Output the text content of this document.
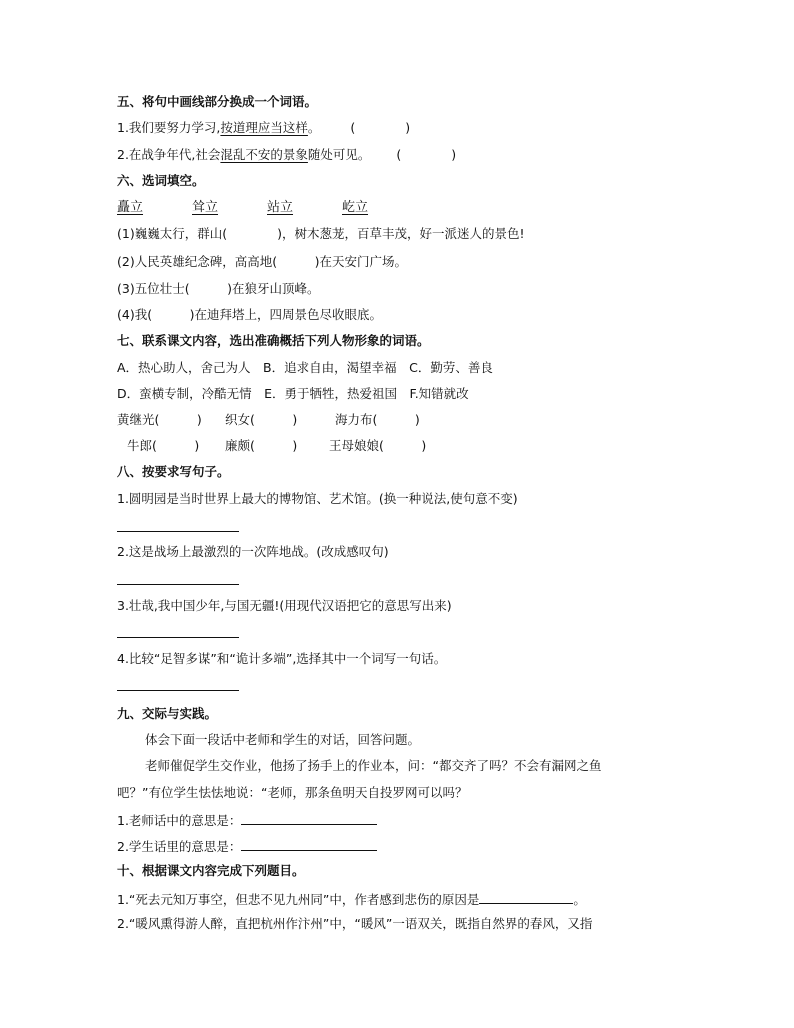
五、将句中画线部分换成一个词语。
1.我们要努力学习,按道理应当这样。 (　　　　)
2.在战争年代,社会混乱不安的景象随处可见。 (　　　　)
六、选词填空。
矗立	耸立	站立	屹立
(1)巍巍太行，群山(　　　　)，树木葱茏，百草丰茂，好一派迷人的景色!
(2)人民英雄纪念碑，高高地(　　　)在天安门广场。
(3)五位壮士(　　　)在狼牙山顶峰。
(4)我(　　　)在迪拜塔上，四周景色尽收眼底。
七、联系课文内容，选出准确概括下列人物形象的词语。
A．热心助人，舍己为人　B．追求自由，渴望幸福　C．勤劳、善良
D．蛮横专制，冷酷无情　E．勇于牺牲，热爱祖国　F.知错就改
黄继光(　　　) 织女(　　　)	海力布(　　　)
牛郎(　　　) 廉颇(　　　)	王母娘娘(　　　)
八、按要求写句子。
1.圆明园是当时世界上最大的博物馆、艺术馆。(换一种说法,使句意不变)
2.这是战场上最激烈的一次阵地战。(改成感叹句)
3.壮哉,我中国少年,与国无疆!(用现代汉语把它的意思写出来)
4.比较“足智多谋”和“诡计多端”,选择其中一个词写一句话。
九、交际与实践。
体会下面一段话中老师和学生的对话，回答问题。
老师催促学生交作业，他扬了扬手上的作业本，问：“都交齐了吗？不会有漏网之鱼
吧？”有位学生怯怯地说：“老师，那条鱼明天自投罗网可以吗？
1.老师话中的意思是：
2.学生话里的意思是：
十、根据课文内容完成下列题目。
1.“死去元知万事空，但悲不见九州同”中，作者感到悲伤的原因是	。
2.“暖风熏得游人醉，直把杭州作汴州”中，“暖风”一语双关，既指自然界的春风，又指
